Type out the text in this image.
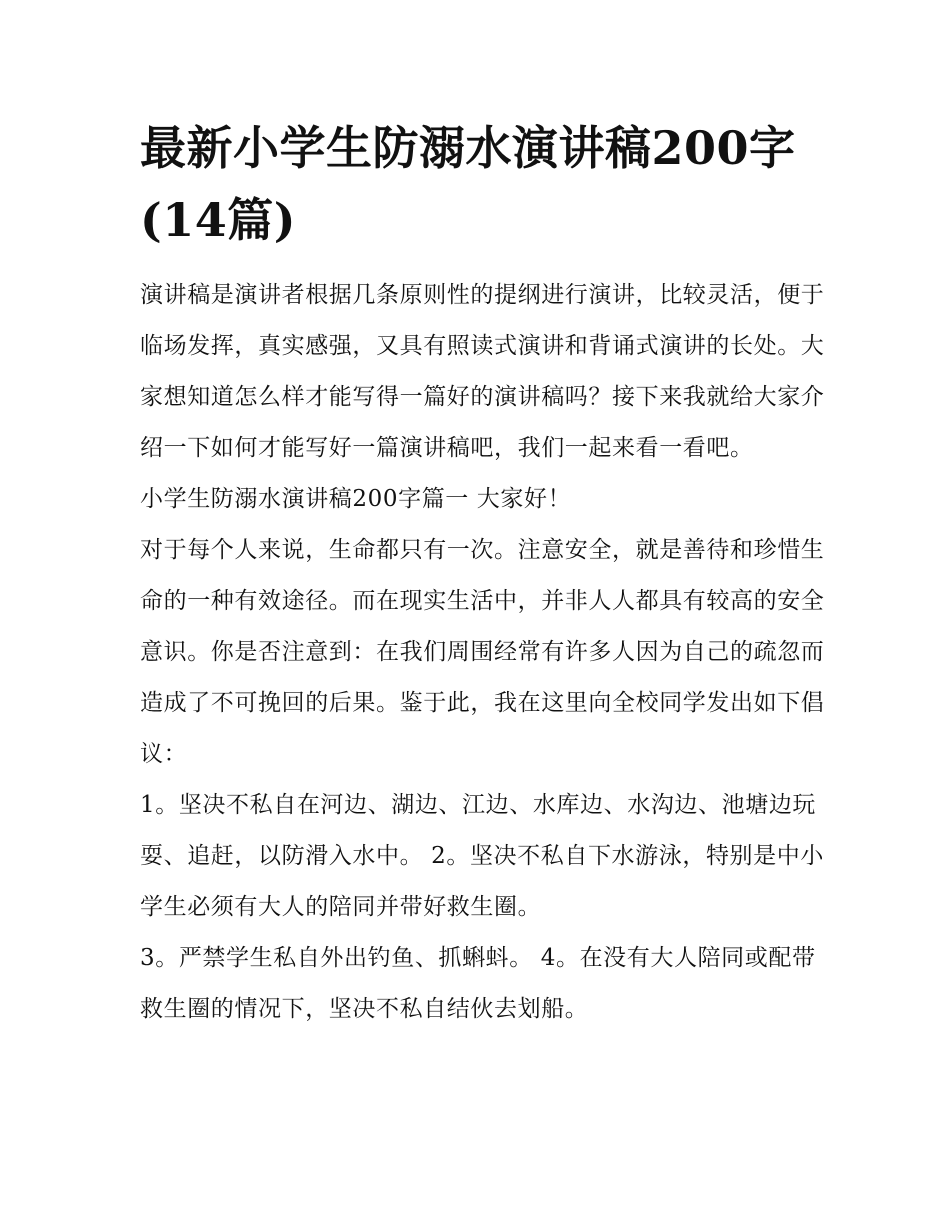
最新小学生防溺水演讲稿200字(14篇)

演讲稿是演讲者根据几条原则性的提纲进行演讲，比较灵活，便于临场发挥，真实感强，又具有照读式演讲和背诵式演讲的长处。大家想知道怎么样才能写得一篇好的演讲稿吗？接下来我就给大家介绍一下如何才能写好一篇演讲稿吧，我们一起来看一看吧。

小学生防溺水演讲稿200字篇一 大家好！

对于每个人来说，生命都只有一次。注意安全，就是善待和珍惜生命的一种有效途径。而在现实生活中，并非人人都具有较高的安全意识。你是否注意到：在我们周围经常有许多人因为自己的疏忽而造成了不可挽回的后果。鉴于此，我在这里向全校同学发出如下倡议：

1。坚决不私自在河边、湖边、江边、水库边、水沟边、池塘边玩耍、追赶，以防滑入水中。 2。坚决不私自下水游泳，特别是中小学生必须有大人的陪同并带好救生圈。

3。严禁学生私自外出钓鱼、抓蝌蚪。 4。在没有大人陪同或配带救生圈的情况下，坚决不私自结伙去划船。
